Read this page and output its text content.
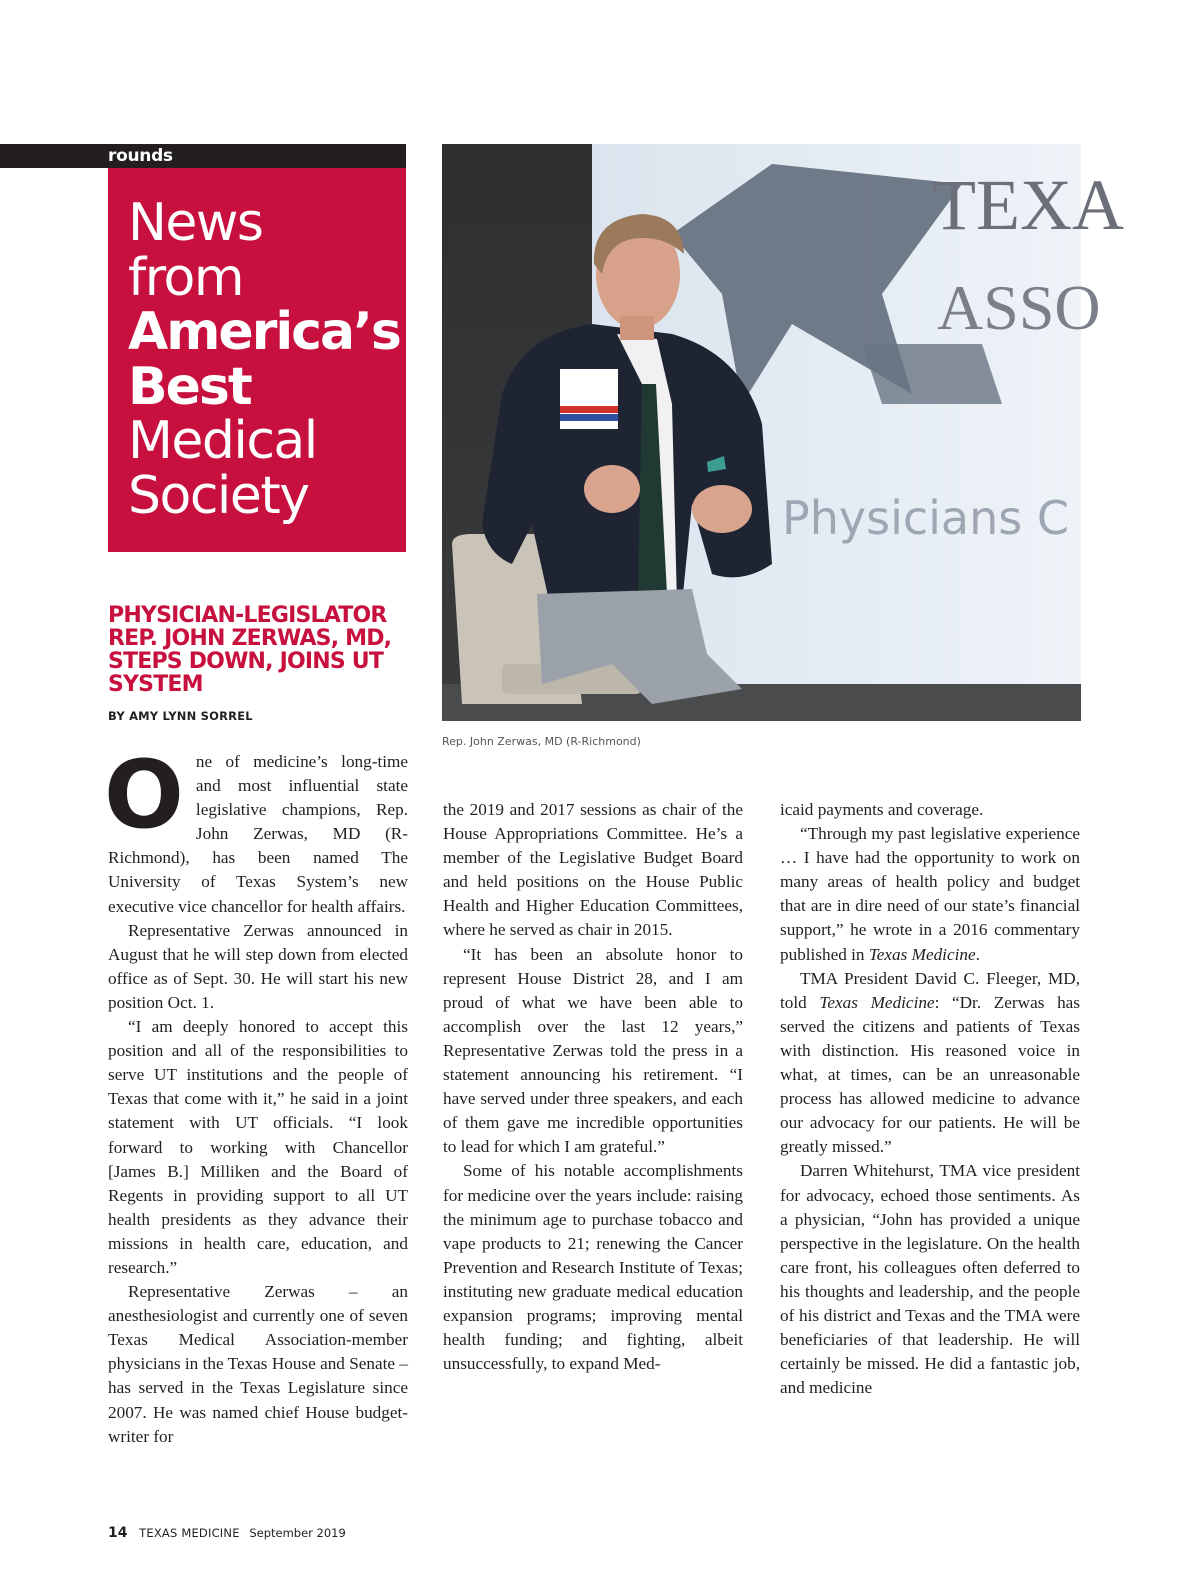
rounds
News
from
America’s
Best
Medical
Society
TEXA
ASSO
Physicians C
Rep. John Zerwas, MD (R-Richmond)
PHYSICIAN-LEGISLATOR REP. JOHN ZERWAS, MD, STEPS DOWN, JOINS UT SYSTEM
BY AMY LYNN SORREL

One of medicine’s long-time and most influential state legislative champions, Rep. John Zerwas, MD (R-Richmond), has been named The University of Texas System’s new executive vice chancellor for health affairs.

Representative Zerwas announced in August that he will step down from elected office as of Sept. 30. He will start his new position Oct. 1.

“I am deeply honored to accept this position and all of the responsibilities to serve UT institutions and the people of Texas that come with it,” he said in a joint statement with UT officials. “I look forward to working with Chancellor [James B.] Milliken and the Board of Regents in providing support to all UT health presidents as they advance their missions in health care, education, and research.”

Representative Zerwas – an anesthesiologist and currently one of seven Texas Medical Association-member physicians in the Texas House and Senate – has served in the Texas Legislature since 2007. He was named chief House budget-writer for

the 2019 and 2017 sessions as chair of the House Appropriations Committee. He’s a member of the Legislative Budget Board and held positions on the House Public Health and Higher Education Committees, where he served as chair in 2015.

“It has been an absolute honor to represent House District 28, and I am proud of what we have been able to accomplish over the last 12 years,” Representative Zerwas told the press in a statement announcing his retirement. “I have served under three speakers, and each of them gave me incredible opportunities to lead for which I am grateful.”

Some of his notable accomplishments for medicine over the years include: raising the minimum age to purchase tobacco and vape products to 21; renewing the Cancer Prevention and Research Institute of Texas; instituting new graduate medical education expansion programs; improving mental health funding; and fighting, albeit unsuccessfully, to expand Med-

icaid payments and coverage.

“Through my past legislative experience … I have had the opportunity to work on many areas of health policy and budget that are in dire need of our state’s financial support,” he wrote in a 2016 commentary published in Texas Medicine.

TMA President David C. Fleeger, MD, told Texas Medicine: “Dr. Zerwas has served the citizens and patients of Texas with distinction. His reasoned voice in what, at times, can be an unreasonable process has allowed medicine to advance our advocacy for our patients. He will be greatly missed.”

Darren Whitehurst, TMA vice president for advocacy, echoed those sentiments. As a physician, “John has provided a unique perspective in the legislature. On the health care front, his colleagues often deferred to his thoughts and leadership, and the people of his district and Texas and the TMA were beneficiaries of that leadership. He will certainly be missed. He did a fantastic job, and medicine

14 TEXAS MEDICINE September 2019
